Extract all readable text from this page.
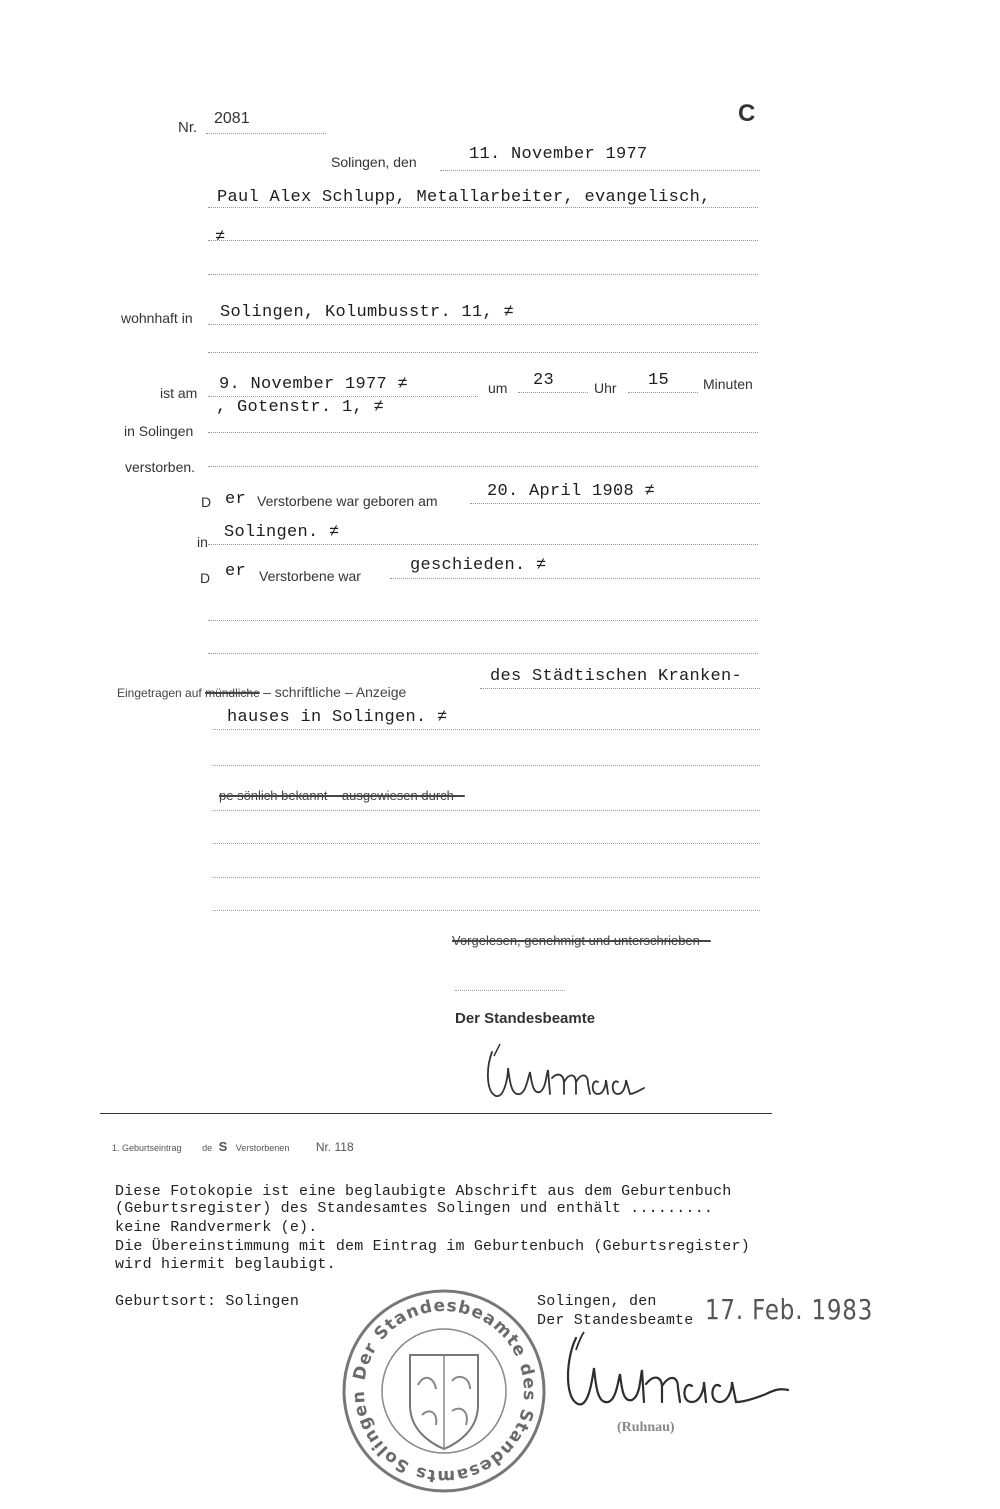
Nr.
2081	C
Solingen, den	11. November 1977
Paul Alex Schlupp, Metallarbeiter, evangelisch,
≠
wohnhaft in Solingen, Kolumbusstr. 11, ≠
ist am 9. November 1977 ≠	um 23	Uhr 15 Minuten
in Solingen
, Gotenstr. 1, ≠
verstorben.
D er Verstorbene war geboren am	20. April 1908 ≠
in Solingen. ≠
D er Verstorbene war
geschieden. ≠
Eingetragen auf mündliche – schriftliche – Anzeige
des Städtischen Kranken-
hauses in Solingen. ≠
pe sönlich bekannt – ausgewiesen durch –
Vorgelesen, genehmigt und unterschrieben –
Der Standesbeamte
1. Geburtseintrag de S Verstorbenen Nr. 118
Diese Fotokopie ist eine beglaubigte Abschrift aus dem Geburtenbuch
(Geburtsregister) des Standesamtes Solingen und enthält .........
keine Randvermerk (e).
Die Übereinstimmung mit dem Eintrag im Geburtenbuch (Geburtsregister)
wird hiermit beglaubigt.
Geburtsort: Solingen	Solingen, den
Der Standesbeamte 17. Feb. 1983
Der Standesbeamte des Standesamts Solingen
(Ruhnau)
